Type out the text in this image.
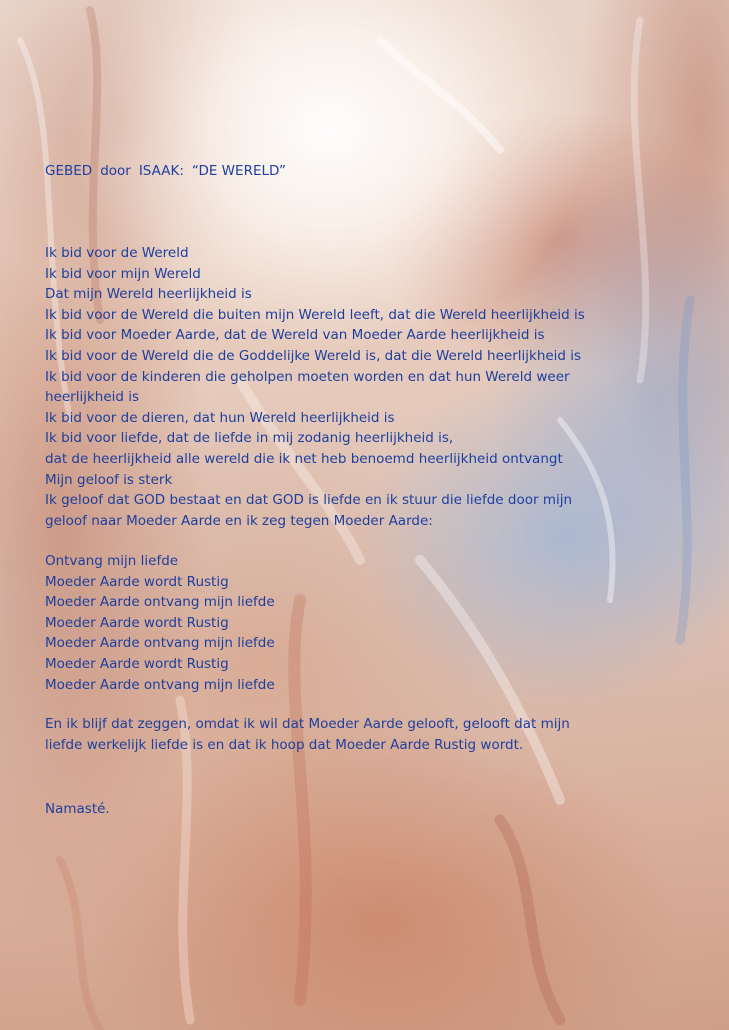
GEBED door ISAAK: “DE WERELD”
Ik bid voor de Wereld
Ik bid voor mijn Wereld
Dat mijn Wereld heerlijkheid is
Ik bid voor de Wereld die buiten mijn Wereld leeft, dat die Wereld heerlijkheid is
Ik bid voor Moeder Aarde, dat de Wereld van Moeder Aarde heerlijkheid is
Ik bid voor de Wereld die de Goddelijke Wereld is, dat die Wereld heerlijkheid is
Ik bid voor de kinderen die geholpen moeten worden en dat hun Wereld weer
heerlijkheid is
Ik bid voor de dieren, dat hun Wereld heerlijkheid is
Ik bid voor liefde, dat de liefde in mij zodanig heerlijkheid is,
dat de heerlijkheid alle wereld die ik net heb benoemd heerlijkheid ontvangt
Mijn geloof is sterk
Ik geloof dat GOD bestaat en dat GOD is liefde en ik stuur die liefde door mijn
geloof naar Moeder Aarde en ik zeg tegen Moeder Aarde:
Ontvang mijn liefde
Moeder Aarde wordt Rustig
Moeder Aarde ontvang mijn liefde
Moeder Aarde wordt Rustig
Moeder Aarde ontvang mijn liefde
Moeder Aarde wordt Rustig
Moeder Aarde ontvang mijn liefde
En ik blijf dat zeggen, omdat ik wil dat Moeder Aarde gelooft, gelooft dat mijn
liefde werkelijk liefde is en dat ik hoop dat Moeder Aarde Rustig wordt.

Namasté.
